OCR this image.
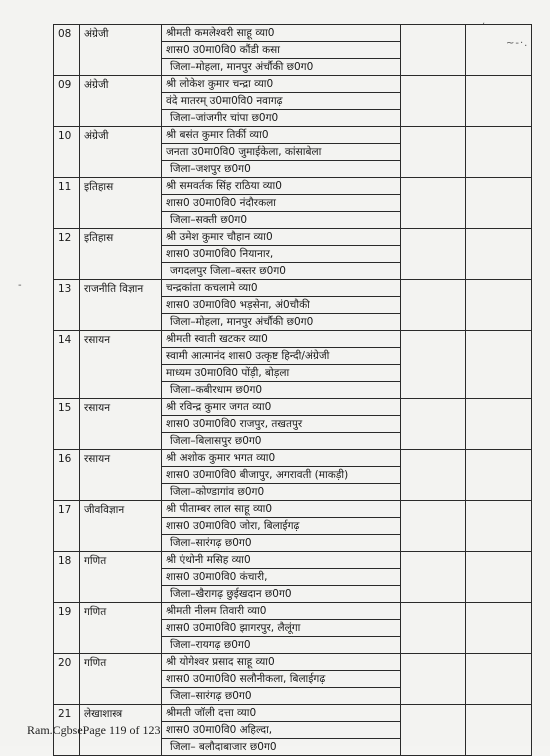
ʻ
~-·.
-
08	अंग्रेजी	श्रीमती कमलेश्वरी साहू व्या0
शास0 उ0मा0वि0 कौंडी कसा
जिला–मोहला, मानपुर अंर्चौकी छ0ग0		

09	अंग्रेजी	श्री लोकेश कुमार चन्द्रा व्या0
वंदे मातरम् उ0मा0वि0 नवागढ़
जिला–जांजगीर चांपा छ0ग0		

10	अंग्रेजी	श्री बसंत कुमार तिर्की व्या0
जनता उ0मा0वि0 जुमाईकेला, कांसाबेला
जिला–जशपुर छ0ग0		

11	इतिहास	श्री समवर्तक सिंह राठिया व्या0
शास0 उ0मा0वि0 नंदौरकला
जिला–सक्ती छ0ग0		

12	इतिहास	श्री उमेश कुमार चौहान व्या0
शास0 उ0मा0वि0 नियानार,
जगदलपुर जिला–बस्तर छ0ग0		

13	राजनीति विज्ञान	चन्द्रकांता कचलामे व्या0
शास0 उ0मा0वि0 भड़सेना, अं0चौकी
जिला–मोहला, मानपुर अंर्चौकी छ0ग0		

14	रसायन	श्रीमती स्वाती खटकर व्या0
स्वामी आत्मानंद शास0 उत्कृष्ट हिन्दी/अंग्रेजी
माध्यम उ0मा0वि0 पोंड़ी, बोड़ला
जिला–कबीरधाम छ0ग0		

15	रसायन	श्री रविन्द्र कुमार जगत व्या0
शास0 उ0मा0वि0 राजपुर, तखतपुर
जिला–बिलासपुर छ0ग0		

16	रसायन	श्री अशोक कुमार भगत व्या0
शास0 उ0मा0वि0 बीजापुर, अगरावती (माकड़ी)
जिला–कोण्डागांव छ0ग0		

17	जीवविज्ञान	श्री पीताम्बर लाल साहू व्या0
शास0 उ0मा0वि0 जोरा, बिलाईगढ़
जिला–सारंगढ़ छ0ग0		

18	गणित	श्री एंथोनी मसिह व्या0
शास0 उ0मा0वि0 कंचारी,
जिला–खैरागढ़ छुईखदान छ0ग0		

19	गणित	श्रीमती नीलम तिवारी व्या0
शास0 उ0मा0वि0 झागरपुर, लैलूंगा
जिला–रायगढ़ छ0ग0		

20	गणित	श्री योगेश्वर प्रसाद साहू व्या0
शास0 उ0मा0वि0 सलौनीकला, बिलाईगढ़
जिला–सारंगढ़ छ0ग0		

21	लेखाशास्त्र	श्रीमती जॉली दत्ता व्या0
शास0 उ0मा0वि0 अहिल्दा,
जिला– बलौदाबाजार छ0ग0		

Ram.CgbsePage 119 of 123
